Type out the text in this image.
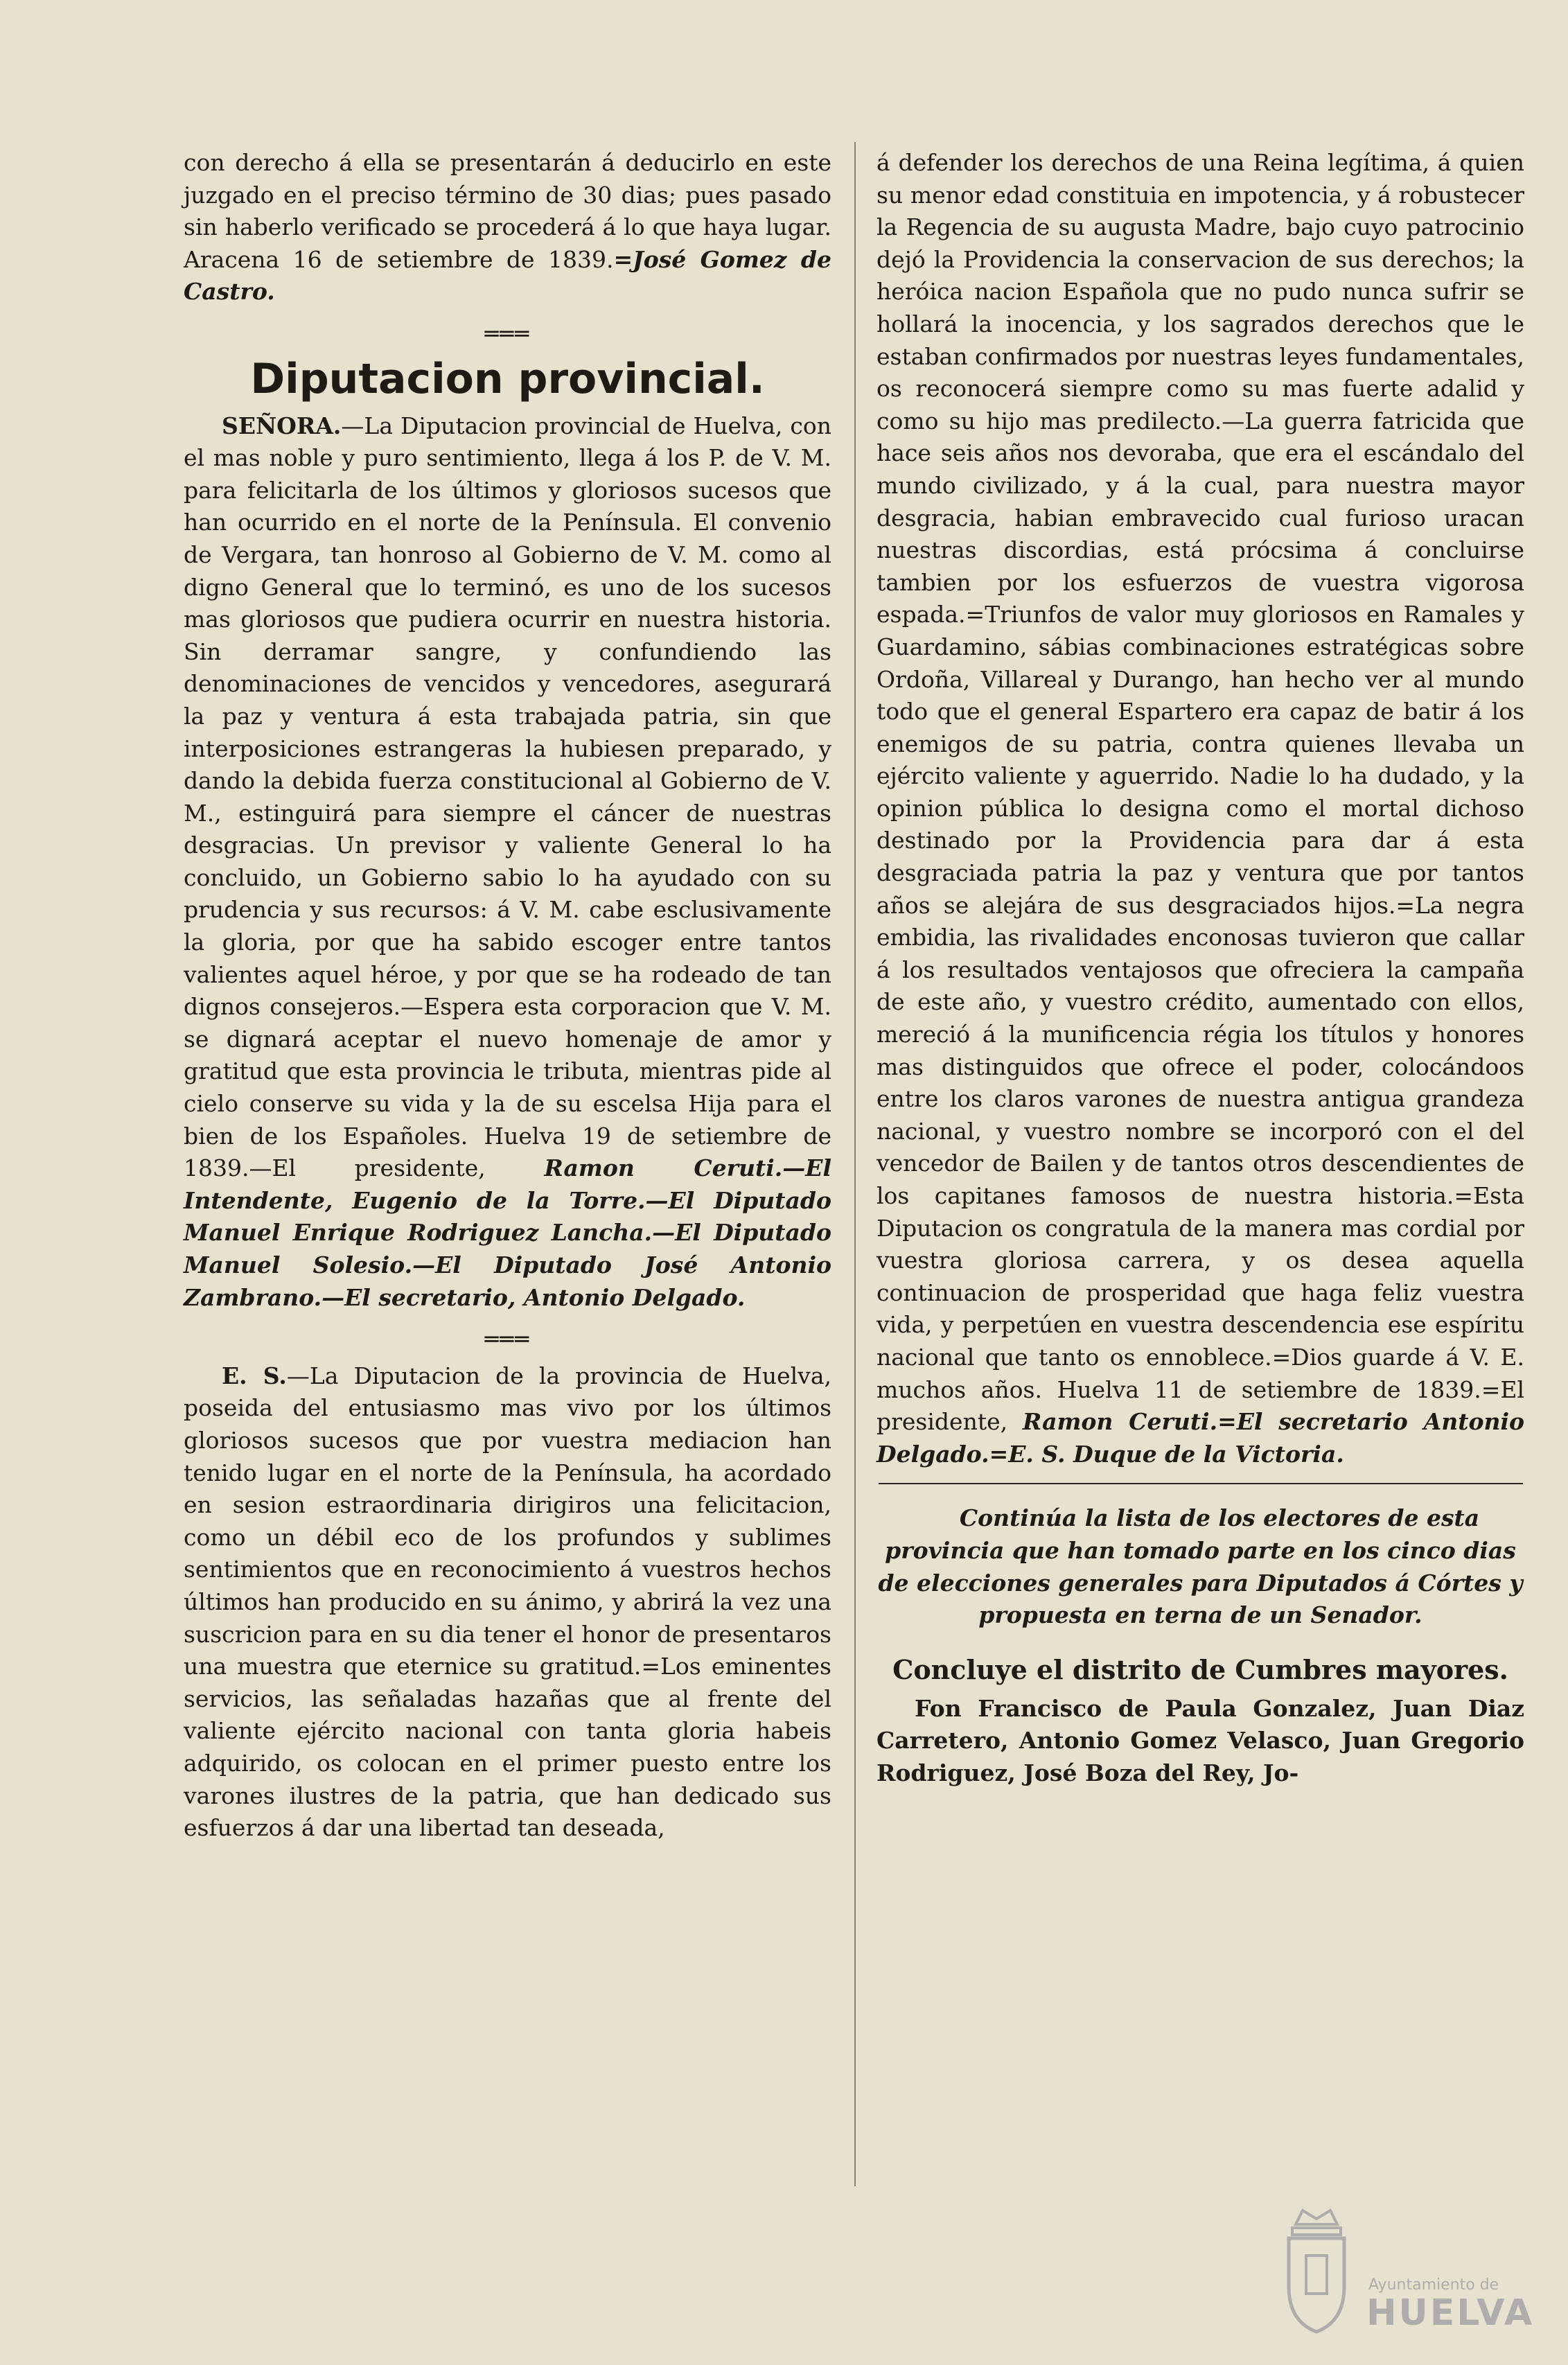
con derecho á ella se presentarán á deducirlo en este juzgado en el preciso término de 30 dias; pues pasado sin haberlo verificado se procederá á lo que haya lugar. Aracena 16 de setiembre de 1839.=José Gomez de Castro.

═══
Diputacion provincial.

SEÑORA.—La Diputacion provincial de Huelva, con el mas noble y puro sentimiento, llega á los P. de V. M. para felicitarla de los últimos y gloriosos sucesos que han ocurrido en el norte de la Península. El convenio de Vergara, tan honroso al Gobierno de V. M. como al digno General que lo terminó, es uno de los sucesos mas gloriosos que pudiera ocurrir en nuestra historia. Sin derramar sangre, y confundiendo las denominaciones de vencidos y vencedores, asegurará la paz y ventura á esta trabajada patria, sin que interposiciones estrangeras la hubiesen preparado, y dando la debida fuerza constitucional al Gobierno de V. M., estinguirá para siempre el cáncer de nuestras desgracias. Un previsor y valiente General lo ha concluido, un Gobierno sabio lo ha ayudado con su prudencia y sus recursos: á V. M. cabe esclusivamente la gloria, por que ha sabido escoger entre tantos valientes aquel héroe, y por que se ha rodeado de tan dignos consejeros.—Espera esta corporacion que V. M. se dignará aceptar el nuevo homenaje de amor y gratitud que esta provincia le tributa, mientras pide al cielo conserve su vida y la de su escelsa Hija para el bien de los Españoles. Huelva 19 de setiembre de 1839.—El presidente,	Ramon Ceruti.—El Intendente, Eugenio de la Torre.—El Diputado Manuel Enrique Rodriguez Lancha.—El Diputado Manuel Solesio.—El Diputado José Antonio Zambrano.—El secretario, Antonio Delgado.

═══

E. S.—La Diputacion de la provincia de Huelva, poseida del entusiasmo mas vivo por los últimos gloriosos sucesos que por vuestra mediacion han tenido lugar en el norte de la Península, ha acordado en sesion estraordinaria dirigiros una felicitacion, como un débil eco de los profundos y sublimes sentimientos que en reconocimiento á vuestros hechos últimos han producido en su ánimo, y abrirá la vez una suscricion para en su dia tener el honor de presentaros una muestra que eternice su gratitud.=Los eminentes servicios, las señaladas hazañas que al frente del valiente ejército nacional con tanta gloria habeis adquirido, os colocan en el primer puesto entre los varones ilustres de la patria, que han dedicado sus esfuerzos á dar una libertad tan deseada,

á defender los derechos de una Reina legítima, á quien su menor edad constituia en impotencia, y á robustecer la Regencia de su augusta Madre, bajo cuyo patrocinio dejó la Providencia la conservacion de sus derechos; la heróica nacion Española que no pudo nunca sufrir se hollará la inocencia, y los sagrados derechos que le estaban confirmados por nuestras leyes fundamentales, os reconocerá siempre como su mas fuerte adalid y como su hijo mas predilecto.—La guerra fatricida que hace seis años nos devoraba, que era el escándalo del mundo civilizado, y á la cual, para nuestra mayor desgracia, habian embravecido cual furioso uracan nuestras discordias, está prócsima á concluirse tambien por los esfuerzos de vuestra vigorosa espada.=Triunfos de valor muy gloriosos en Ramales y Guardamino, sábias combinaciones estratégicas sobre Ordoña, Villareal y Durango, han hecho ver al mundo todo que el general Espartero era capaz de batir á los enemigos de su patria, contra quienes llevaba un ejército valiente y aguerrido. Nadie lo ha dudado, y la opinion pública lo designa como el mortal dichoso destinado por la Providencia para dar á esta desgraciada patria la paz y ventura que por tantos años se alejára de sus desgraciados hijos.=La negra embidia, las rivalidades enconosas tuvieron que callar á los resultados ventajosos que ofreciera la campaña de este año, y vuestro crédito, aumentado con ellos, mereció á la munificencia régia los títulos y honores mas distinguidos que ofrece el poder, colocándoos entre los claros varones de nuestra antigua grandeza nacional, y vuestro nombre se incorporó con el del vencedor de Bailen y de tantos otros descendientes de los capitanes famosos de nuestra historia.=Esta Diputacion os congratula de la manera mas cordial por vuestra gloriosa carrera, y os desea aquella continuacion de prosperidad que haga feliz vuestra vida, y perpetúen en vuestra descendencia ese espíritu nacional que tanto os ennoblece.=Dios guarde á V. E. muchos años. Huelva 11 de setiembre de 1839.=El presidente, Ramon Ceruti.=El secretario Antonio Delgado.=E. S. Duque de la Victoria.

Continúa la lista de los electores de esta provincia que han tomado parte en los cinco dias de elecciones generales para Diputados á Córtes y propuesta en terna de un Senador.

Concluye el distrito de Cumbres mayores.

Fon Francisco de Paula Gonzalez, Juan Diaz Carretero, Antonio Gomez Velasco, Juan Gregorio Rodriguez, José Boza del Rey, Jo-

Ayuntamiento de
HUELVA
